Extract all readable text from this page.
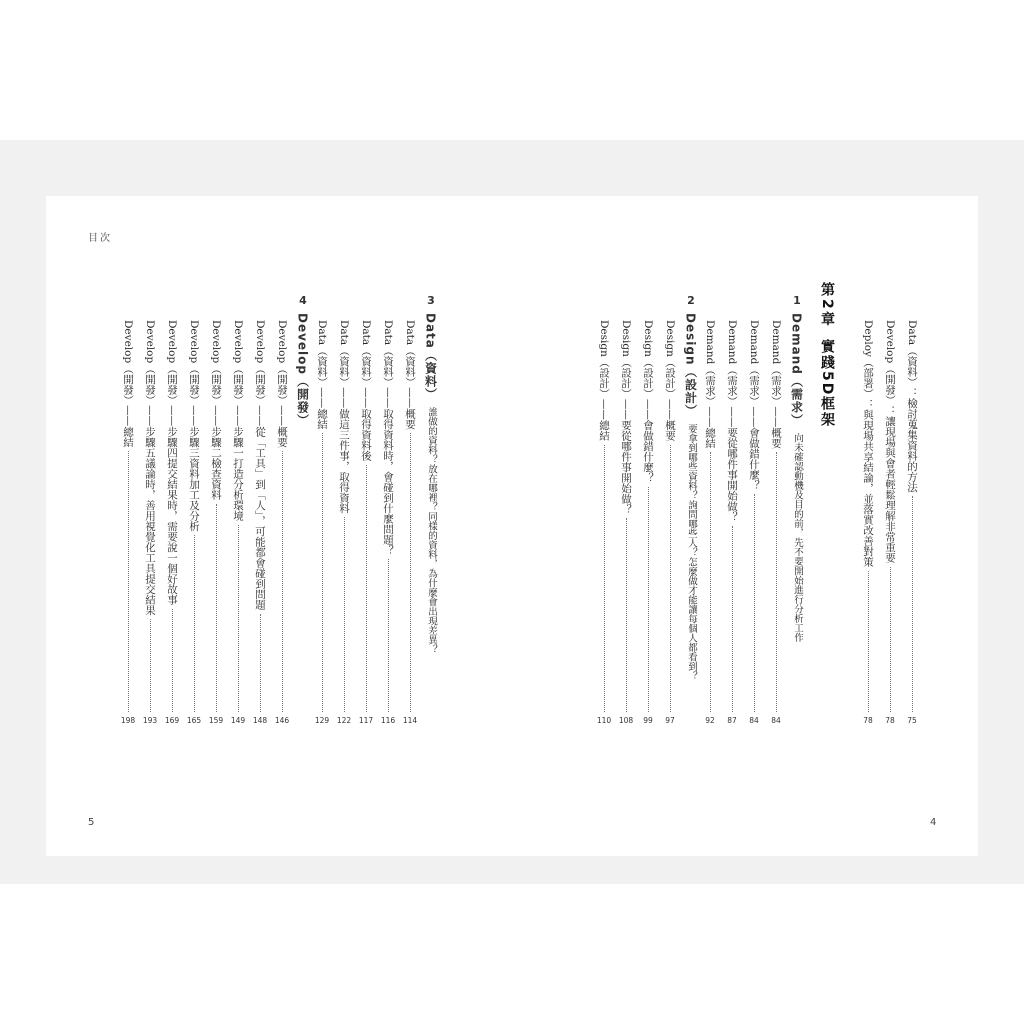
目次
5	4
第2章
實踐5D框架	Data（資料）：檢討蒐集資料的方法
75
Develop（開發）：讓現場與會者輕鬆理解非常重要
78
Deploy（部署）：與現場共享結論，並落實改善對策
78
1
Demand（需求）
向未確認動機及目的前，先不要開始進行分析工作
Demand（需求）——概要
84
Demand（需求）——會做錯什麼？
84
Demand（需求）——要從哪件事開始做？
87
Demand（需求）——總結
92
2
Design（設計）
要拿到哪些資料？詢問哪些人？怎麼做才能讓每個人都看到？
Design（設計）——概要
97
Design（設計）——會做錯什麼？
99
Design（設計）——要從哪件事開始做？
108
Design（設計）——總結
110
3
Data（資料）
誰做的資料？放在哪裡？同樣的資料，為什麼會出現差異？
Data（資料）——概要
114
Data（資料）——取得資料時，會碰到什麼問題？
116
Data（資料）——取得資料後
117
Data（資料）——做這三件事，取得資料
122
Data（資料）——總結
129
4
Develop（開發）
Develop（開發）——概要
146
Develop（開發）——從「工具」到「人」，可能都會碰到問題
148
Develop（開發）——步驟一打造分析環境
149
Develop（開發）——步驟二檢查資料
159
Develop（開發）——步驟三資料加工及分析
165
Develop（開發）——步驟四提交結果時，需要說一個好故事
169
Develop（開發）——步驟五議論時，善用視覺化工具提交結果
193
Develop（開發）——總結
198
